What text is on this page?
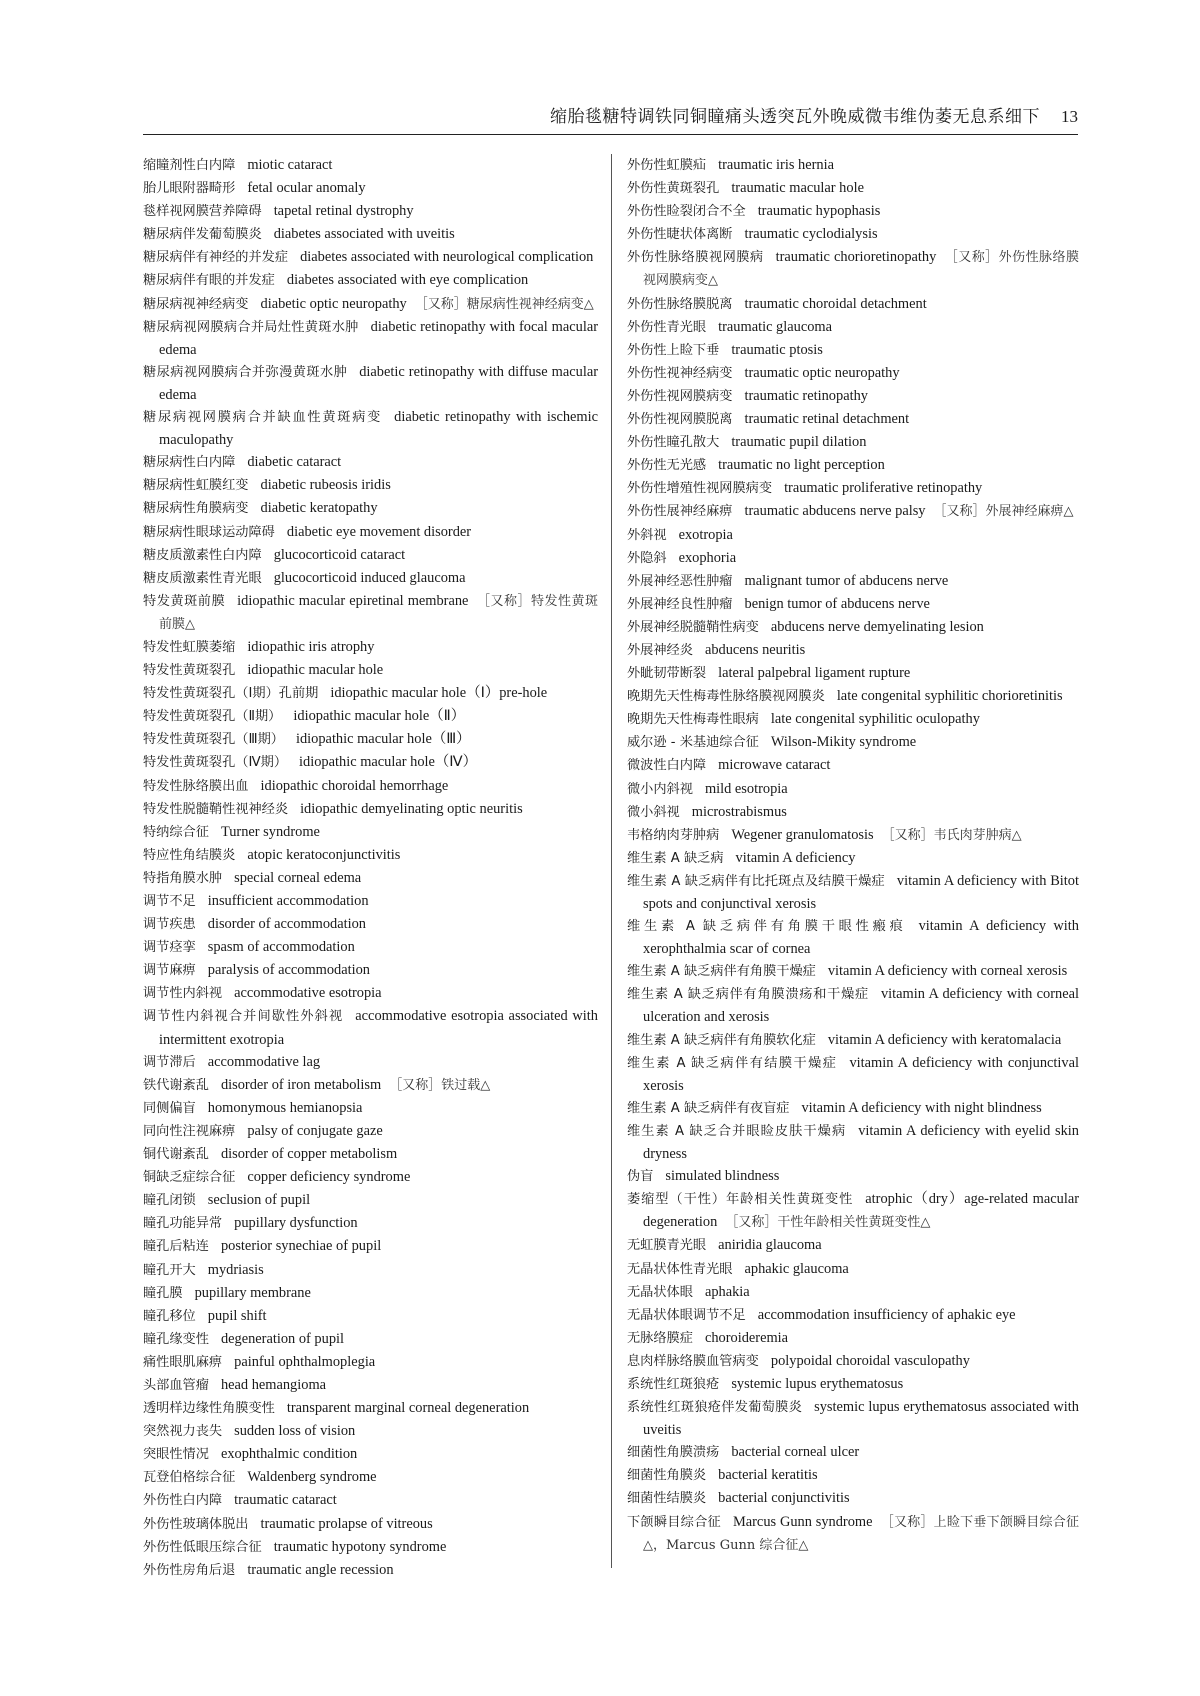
缩胎毯糖特调铁同铜瞳痛头透突瓦外晚威微韦维伪萎无息系细下 13
缩瞳剂性白内障 miotic cataract
胎儿眼附器畸形 fetal ocular anomaly
毯样视网膜营养障碍 tapetal retinal dystrophy
糖尿病伴发葡萄膜炎 diabetes associated with uveitis
糖尿病伴有神经的并发症 diabetes associated with neurological complication
糖尿病伴有眼的并发症 diabetes associated with eye complication
糖尿病视神经病变 diabetic optic neuropathy ［又称］糖尿病性视神经病变△
糖尿病视网膜病合并局灶性黄斑水肿 diabetic retinopathy with focal macular edema
糖尿病视网膜病合并弥漫黄斑水肿 diabetic retinopathy with diffuse macular edema
糖尿病视网膜病合并缺血性黄斑病变 diabetic retinopathy with ischemic maculopathy
糖尿病性白内障 diabetic cataract
糖尿病性虹膜红变 diabetic rubeosis iridis
糖尿病性角膜病变 diabetic keratopathy
糖尿病性眼球运动障碍 diabetic eye movement disorder
糖皮质激素性白内障 glucocorticoid cataract
糖皮质激素性青光眼 glucocorticoid induced glaucoma
特发黄斑前膜 idiopathic macular epiretinal membrane ［又称］特发性黄斑前膜△
特发性虹膜萎缩 idiopathic iris atrophy
特发性黄斑裂孔 idiopathic macular hole
特发性黄斑裂孔（Ⅰ期）孔前期 idiopathic macular hole（Ⅰ）pre-hole
特发性黄斑裂孔（Ⅱ期） idiopathic macular hole（Ⅱ）
特发性黄斑裂孔（Ⅲ期） idiopathic macular hole（Ⅲ）
特发性黄斑裂孔（Ⅳ期） idiopathic macular hole（Ⅳ）
特发性脉络膜出血 idiopathic choroidal hemorrhage
特发性脱髓鞘性视神经炎 idiopathic demyelinating optic neuritis
特纳综合征 Turner syndrome
特应性角结膜炎 atopic keratoconjunctivitis
特指角膜水肿 special corneal edema
调节不足 insufficient accommodation
调节疾患 disorder of accommodation
调节痉挛 spasm of accommodation
调节麻痹 paralysis of accommodation
调节性内斜视 accommodative esotropia
调节性内斜视合并间歇性外斜视 accommodative esotropia associated with intermittent exotropia
调节滞后 accommodative lag
铁代谢紊乱 disorder of iron metabolism ［又称］铁过载△
同侧偏盲 homonymous hemianopsia
同向性注视麻痹 palsy of conjugate gaze
铜代谢紊乱 disorder of copper metabolism
铜缺乏症综合征 copper deficiency syndrome
瞳孔闭锁 seclusion of pupil
瞳孔功能异常 pupillary dysfunction
瞳孔后粘连 posterior synechiae of pupil
瞳孔开大 mydriasis
瞳孔膜 pupillary membrane
瞳孔移位 pupil shift
瞳孔缘变性 degeneration of pupil
痛性眼肌麻痹 painful ophthalmoplegia
头部血管瘤 head hemangioma
透明样边缘性角膜变性 transparent marginal corneal degeneration
突然视力丧失 sudden loss of vision
突眼性情况 exophthalmic condition
瓦登伯格综合征 Waldenberg syndrome
外伤性白内障 traumatic cataract
外伤性玻璃体脱出 traumatic prolapse of vitreous
外伤性低眼压综合征 traumatic hypotony syndrome
外伤性房角后退 traumatic angle recession
外伤性虹膜疝 traumatic iris hernia
外伤性黄斑裂孔 traumatic macular hole
外伤性睑裂闭合不全 traumatic hypophasis
外伤性睫状体离断 traumatic cyclodialysis
外伤性脉络膜视网膜病 traumatic chorioretinopathy ［又称］外伤性脉络膜视网膜病变△
外伤性脉络膜脱离 traumatic choroidal detachment
外伤性青光眼 traumatic glaucoma
外伤性上睑下垂 traumatic ptosis
外伤性视神经病变 traumatic optic neuropathy
外伤性视网膜病变 traumatic retinopathy
外伤性视网膜脱离 traumatic retinal detachment
外伤性瞳孔散大 traumatic pupil dilation
外伤性无光感 traumatic no light perception
外伤性增殖性视网膜病变 traumatic proliferative retinopathy
外伤性展神经麻痹 traumatic abducens nerve palsy ［又称］外展神经麻痹△
外斜视 exotropia
外隐斜 exophoria
外展神经恶性肿瘤 malignant tumor of abducens nerve
外展神经良性肿瘤 benign tumor of abducens nerve
外展神经脱髓鞘性病变 abducens nerve demyelinating lesion
外展神经炎 abducens neuritis
外眦韧带断裂 lateral palpebral ligament rupture
晚期先天性梅毒性脉络膜视网膜炎 late congenital syphilitic chorioretinitis
晚期先天性梅毒性眼病 late congenital syphilitic oculopathy
威尔逊 - 米基迪综合征 Wilson-Mikity syndrome
微波性白内障 microwave cataract
微小内斜视 mild esotropia
微小斜视 microstrabismus
韦格纳肉芽肿病 Wegener granulomatosis ［又称］韦氏肉芽肿病△
维生素 A 缺乏病 vitamin A deficiency
维生素 A 缺乏病伴有比托斑点及结膜干燥症 vitamin A deficiency with Bitot spots and conjunctival xerosis
维生素 A 缺乏病伴有角膜干眼性瘢痕 vitamin A deficiency with xerophthalmia scar of cornea
维生素 A 缺乏病伴有角膜干燥症 vitamin A deficiency with corneal xerosis
维生素 A 缺乏病伴有角膜溃疡和干燥症 vitamin A deficiency with corneal ulceration and xerosis
维生素 A 缺乏病伴有角膜软化症 vitamin A deficiency with keratomalacia
维生素 A 缺乏病伴有结膜干燥症 vitamin A deficiency with conjunctival xerosis
维生素 A 缺乏病伴有夜盲症 vitamin A deficiency with night blindness
维生素 A 缺乏合并眼睑皮肤干燥病 vitamin A deficiency with eyelid skin dryness
伪盲 simulated blindness
萎缩型（干性）年龄相关性黄斑变性 atrophic（dry）age-related macular degeneration ［又称］干性年龄相关性黄斑变性△
无虹膜青光眼 aniridia glaucoma
无晶状体性青光眼 aphakic glaucoma
无晶状体眼 aphakia
无晶状体眼调节不足 accommodation insufficiency of aphakic eye
无脉络膜症 choroideremia
息肉样脉络膜血管病变 polypoidal choroidal vasculopathy
系统性红斑狼疮 systemic lupus erythematosus
系统性红斑狼疮伴发葡萄膜炎 systemic lupus erythematosus associated with uveitis
细菌性角膜溃疡 bacterial corneal ulcer
细菌性角膜炎 bacterial keratitis
细菌性结膜炎 bacterial conjunctivitis
下颌瞬目综合征 Marcus Gunn syndrome ［又称］上睑下垂下颌瞬目综合征△，Marcus Gunn 综合征△
